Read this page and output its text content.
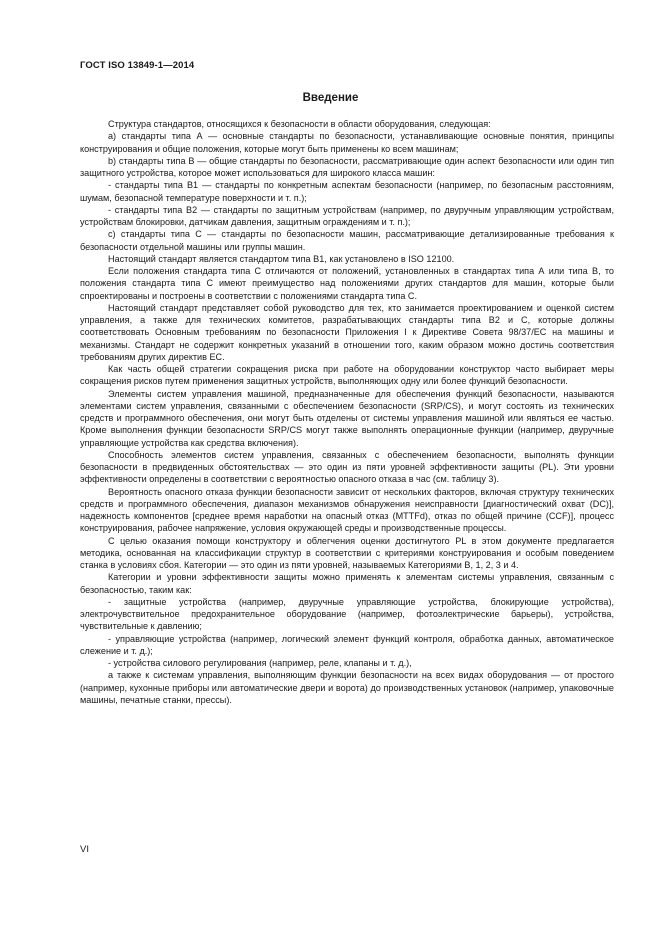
ГОСТ ISO 13849-1—2014
Введение

Структура стандартов, относящихся к безопасности в области оборудования, следующая:

а) стандарты типа А — основные стандарты по безопасности, устанавливающие основные понятия, принципы конструирования и общие положения, которые могут быть применены ко всем машинам;

b) стандарты типа В — общие стандарты по безопасности, рассматривающие один аспект безопасности или один тип защитного устройства, которое может использоваться для широкого класса машин:

- стандарты типа В1 — стандарты по конкретным аспектам безопасности (например, по безопасным расстояниям, шумам, безопасной температуре поверхности и т. п.);

- стандарты типа В2 — стандарты по защитным устройствам (например, по двуручным управляющим устройствам, устройствам блокировки, датчикам давления, защитным ограждениям и т. п.);

c) стандарты типа С — стандарты по безопасности машин, рассматривающие детализированные требования к безопасности отдельной машины или группы машин.

Настоящий стандарт является стандартом типа В1, как установлено в ISO 12100.

Если положения стандарта типа С отличаются от положений, установленных в стандартах типа А или типа В, то положения стандарта типа С имеют преимущество над положениями других стандартов для машин, которые были спроектированы и построены в соответствии с положениями стандарта типа С.

Настоящий стандарт представляет собой руководство для тех, кто занимается проектированием и оценкой систем управления, а также для технических комитетов, разрабатывающих стандарты типа В2 и С, которые должны соответствовать Основным требованиям по безопасности Приложения I к Директиве Совета 98/37/ЕС на машины и механизмы. Стандарт не содержит конкретных указаний в отношении того, каким образом можно достичь соответствия требованиям других директив ЕС.

Как часть общей стратегии сокращения риска при работе на оборудовании конструктор часто выбирает меры сокращения рисков путем применения защитных устройств, выполняющих одну или более функций безопасности.

Элементы систем управления машиной, предназначенные для обеспечения функций безопасности, называются элементами систем управления, связанными с обеспечением безопасности (SRP/CS), и могут состоять из технических средств и программного обеспечения, они могут быть отделены от системы управления машиной или являться ее частью. Кроме выполнения функции безопасности SRP/CS могут также выполнять операционные функции (например, двуручные управляющие устройства как средства включения).

Способность элементов систем управления, связанных с обеспечением безопасности, выполнять функции безопасности в предвиденных обстоятельствах — это один из пяти уровней эффективности защиты (PL). Эти уровни эффективности определены в соответствии с вероятностью опасного отказа в час (см. таблицу 3).

Вероятность опасного отказа функции безопасности зависит от нескольких факторов, включая структуру технических средств и программного обеспечения, диапазон механизмов обнаружения неисправности [диагностический охват (DC)], надежность компонентов [среднее время наработки на опасный отказ (MTTFd), отказ по общей причине (CCF)], процесс конструирования, рабочее напряжение, условия окружающей среды и производственные процессы.

С целью оказания помощи конструктору и облегчения оценки достигнутого PL в этом документе предлагается методика, основанная на классификации структур в соответствии с критериями конструирования и особым поведением станка в условиях сбоя. Категории — это один из пяти уровней, называемых Категориями В, 1, 2, 3 и 4.

Категории и уровни эффективности защиты можно применять к элементам системы управления, связанным с безопасностью, таким как:

- защитные устройства (например, двуручные управляющие устройства, блокирующие устройства), электрочувствительное предохранительное оборудование (например, фотоэлектрические барьеры), устройства, чувствительные к давлению;

- управляющие устройства (например, логический элемент функций контроля, обработка данных, автоматическое слежение и т. д.);

- устройства силового регулирования (например, реле, клапаны и т. д.),

а также к системам управления, выполняющим функции безопасности на всех видах оборудования — от простого (например, кухонные приборы или автоматические двери и ворота) до производственных установок (например, упаковочные машины, печатные станки, прессы).

VI
